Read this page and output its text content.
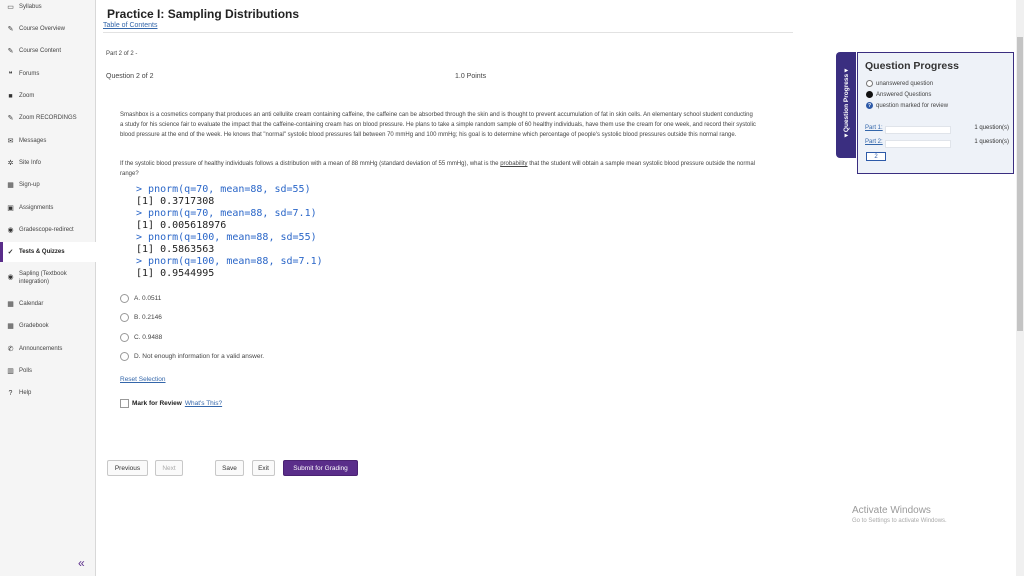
▭ Syllabus
✎ Course Overview
✎ Course Content
❝	Forums
■	Zoom
✎ Zoom RECORDINGS
✉ Messages
✲ Site Info
▦ Sign-up
▣ Assignments
◉ Gradescope-redirect
✓ Tests & Quizzes
◉ Sapling (Textbook integration)
▦ Calendar
▦ Gradebook
✆ Announcements
▥ Polls
?	Help
«
Practice I: Sampling Distributions
Table of Contents
Part 2 of 2 -
Question 2 of 2	1.0 Points

Smashbox is a cosmetics company that produces an anti cellulite cream containing caffeine, the caffeine can be absorbed through the skin and is thought to prevent accumulation of fat in skin cells. An elementary school student conducting a study for his science fair to evaluate the impact that the caffeine-containing cream has on blood pressure. He plans to take a simple random sample of 60 healthy individuals, have them use the cream for one week, and record their systolic blood pressure at the end of the week. He knows that "normal" systolic blood pressures fall between 70 mmHg and 100 mmHg; his goal is to determine which percentage of people's systolic blood pressures outside this normal range.

If the systolic blood pressure of healthy individuals follows a distribution with a mean of 88 mmHg (standard deviation of 55 mmHg), what is the probability that the student will obtain a sample mean systolic blood pressure outside the normal range?

> pnorm(q=70, mean=88, sd=55)
[1] 0.3717308
> pnorm(q=70, mean=88, sd=7.1)
[1] 0.005618976
> pnorm(q=100, mean=88, sd=55)
[1] 0.5863563
> pnorm(q=100, mean=88, sd=7.1)
[1] 0.9544995
A. 0.0511
B. 0.2146
C. 0.9488
D. Not enough information for a valid answer.
Reset Selection
Mark for Review What's This?
Previous	Next	Save	Exit	Submit for Grading
▾ Question Progress ▾
Question Progress
unanswered question
Answered Questions
? question marked for review
Part 1:	1 question(s)
Part 2:	1 question(s)
2
Activate Windows
Go to Settings to activate Windows.
